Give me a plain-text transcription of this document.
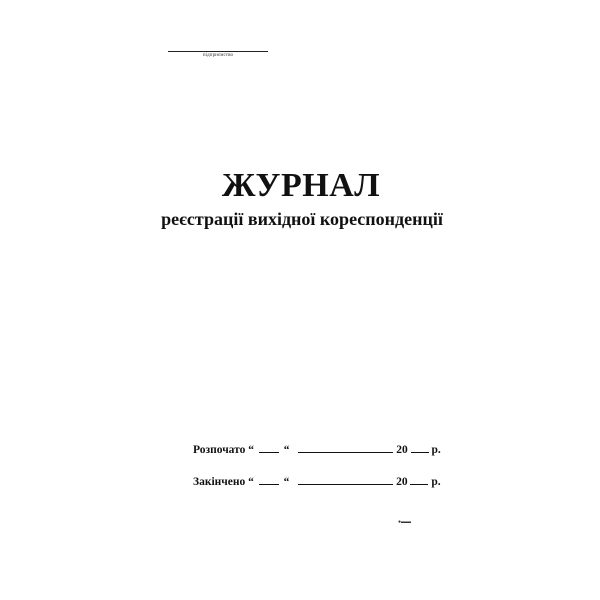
підприємство
ЖУРНАЛ
реєстрації вихідної кореспонденції
Розпочато “	“	20 р.
Закінчено “	“	20 р.
●▬▬
